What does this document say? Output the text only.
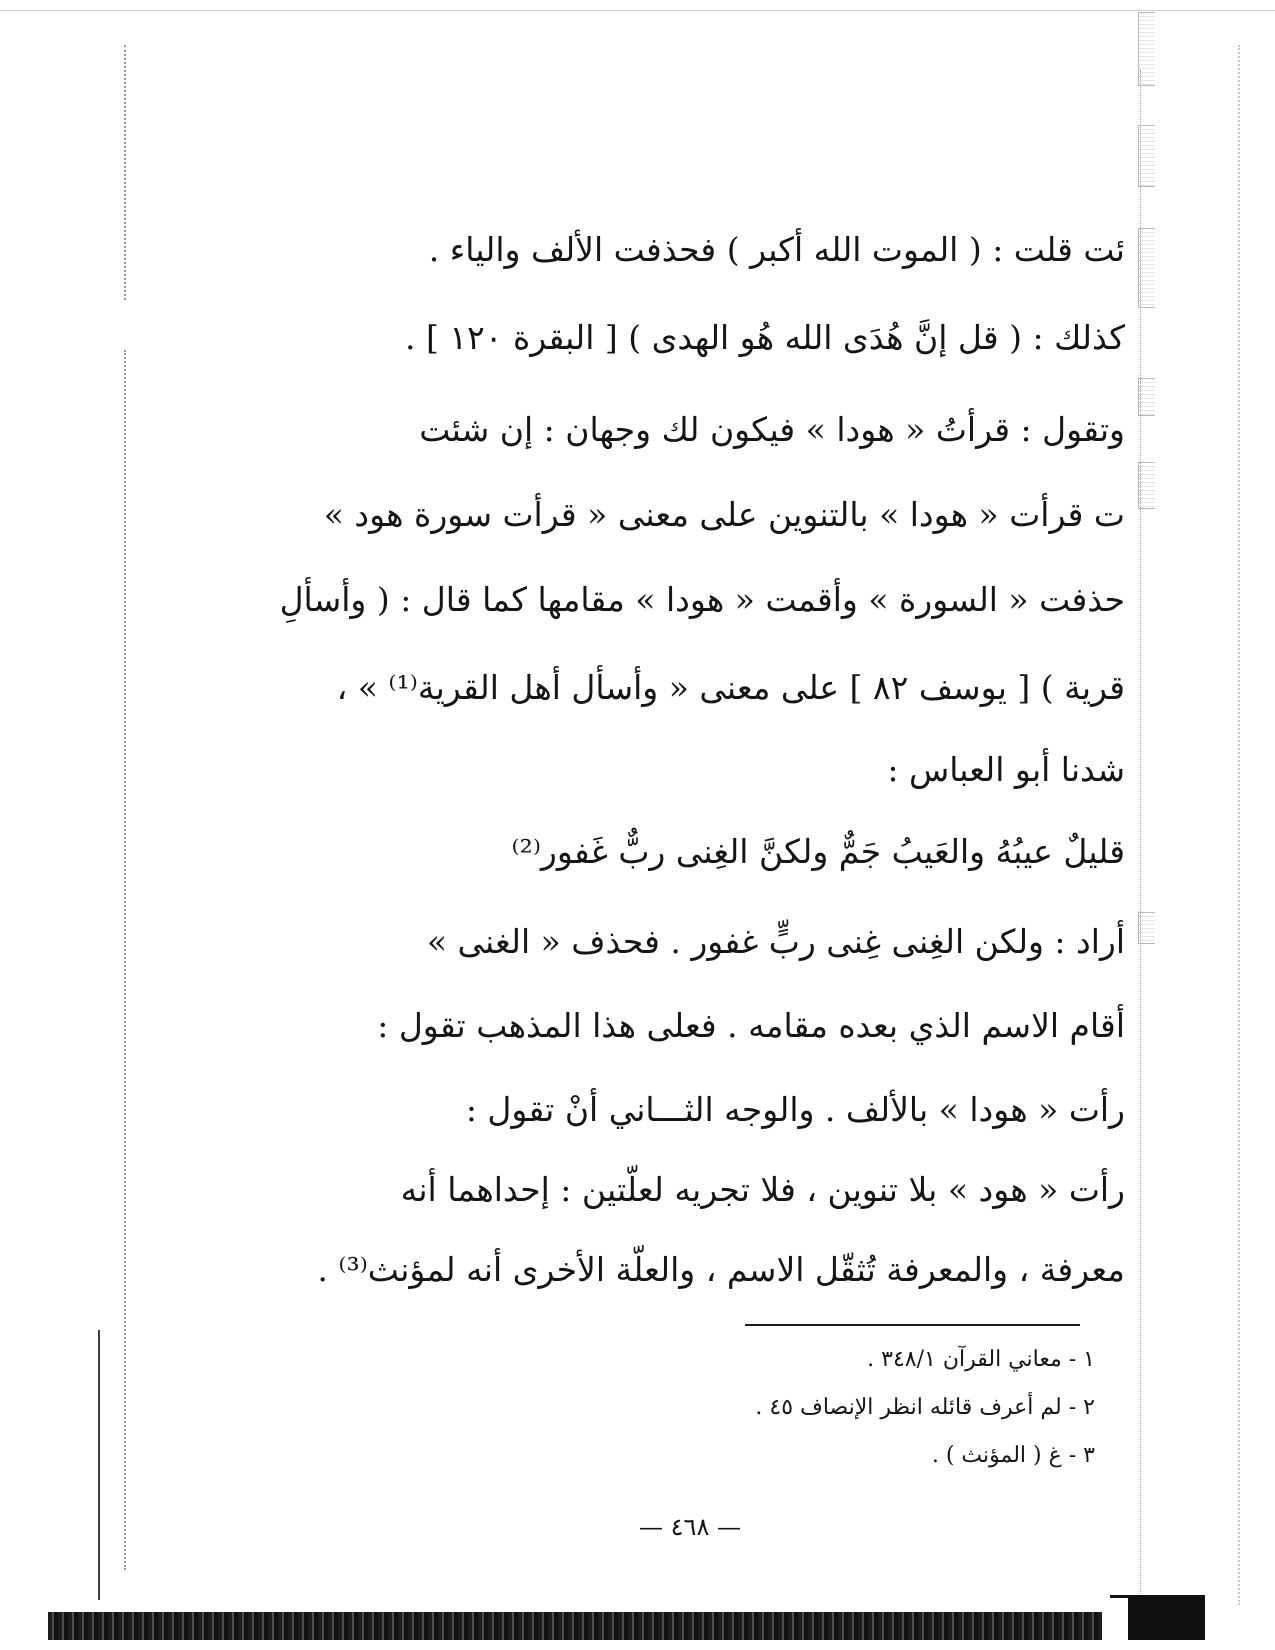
ئت قلت : ( الموت الله أكبر ) فحذفت الألف والياء .
كذلك : ( قل إنَّ هُدَى الله هُو الهدى ) [ البقرة ١٢٠ ] .
وتقول : قرأتُ « هودا » فيكون لك وجهان : إن شئت
ت قرأت « هودا » بالتنوين على معنى « قرأت سورة هود »
حذفت « السورة » وأقمت « هودا » مقامها كما قال : ( وأسألِ
قرية ) [ يوسف ٨٢ ] على معنى « وأسأل أهل القرية⁽¹⁾ » ،
شدنا أبو العباس :
قليلٌ عيبُهُ والعَيبُ جَمٌّ ولكنَّ الغِنى ربٌّ غَفور⁽²⁾
أراد : ولكن الغِنى غِنى ربٍّ غفور . فحذف « الغنى »
أقام الاسم الذي بعده مقامه . فعلى هذا المذهب تقول :
رأت « هودا » بالألف . والوجه الثـــاني أنْ تقول :
رأت « هود » بلا تنوين ، فلا تجريه لعلّتين : إحداهما أنه
معرفة ، والمعرفة تُثقّل الاسم ، والعلّة الأخرى أنه لمؤنث⁽³⁾ .
١ - معاني القرآن ٣٤٨/١ .
٢ - لم أعرف قائله انظر الإنصاف ٤٥ .
٣ - غ ( المؤنث ) .
— ٤٦٨ —
